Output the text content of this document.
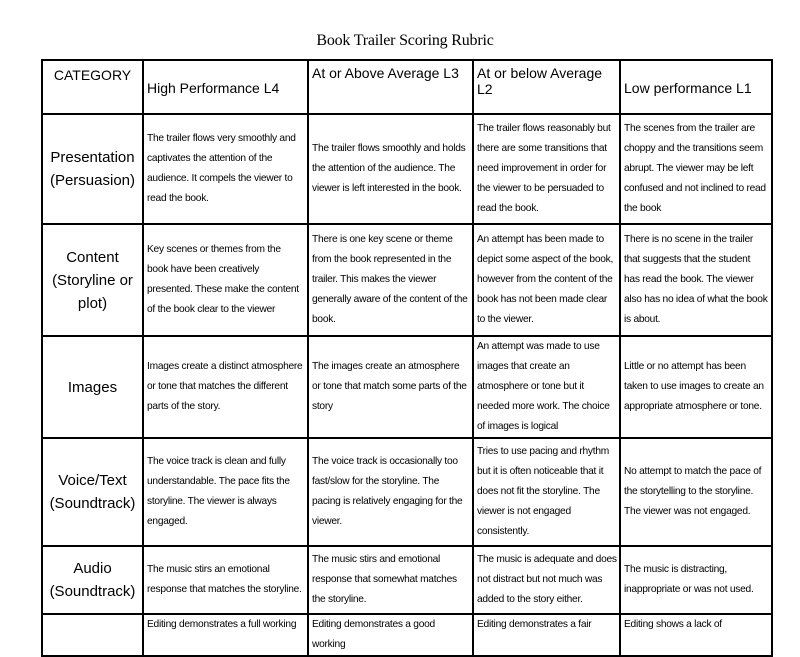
Book Trailer Scoring Rubric
CATEGORY	High Performance L4	At or Above Average L3	At or below Average L2	Low performance L1
Presentation
(Persuasion)	The trailer flows very smoothly and captivates the attention of the audience. It compels the viewer to read the book.	The trailer flows smoothly and holds the attention of the audience. The viewer is left interested in the book.	The trailer flows reasonably but there are some transitions that need improvement in order for the viewer to be persuaded to read the book.	The scenes from the trailer are choppy and the transitions seem abrupt. The viewer may be left confused and not inclined to read the book
Content
(Storyline or
plot)	Key scenes or themes from the book have been creatively presented. These make the content of the book clear to the viewer	There is one key scene or theme from the book represented in the trailer. This makes the viewer generally aware of the content of the book.	An attempt has been made to depict some aspect of the book, however from the content of the book has not been made clear to the viewer.	There is no scene in the trailer that suggests that the student has read the book. The viewer also has no idea of what the book is about.
Images	Images create a distinct atmosphere or tone that matches the different parts of the story.	The images create an atmosphere or tone that match some parts of the story	An attempt was made to use images that create an atmosphere or tone but it needed more work. The choice of images is logical	Little or no attempt has been taken to use images to create an appropriate atmosphere or tone.
Voice/Text
(Soundtrack)	The voice track is clean and fully understandable. The pace fits the storyline. The viewer is always engaged.	The voice track is occasionally too fast/slow for the storyline. The pacing is relatively engaging for the viewer.	Tries to use pacing and rhythm but it is often noticeable that it does not fit the storyline. The viewer is not engaged consistently.	No attempt to match the pace of the storytelling to the storyline. The viewer was not engaged.
Audio
(Soundtrack)	The music stirs an emotional response that matches the storyline.	The music stirs and emotional response that somewhat matches the storyline.	The music is adequate and does not distract but not much was added to the story either.	The music is distracting, inappropriate or was not used.
	Editing demonstrates a full working	Editing demonstrates a good working	Editing demonstrates a fair	Editing shows a lack of
